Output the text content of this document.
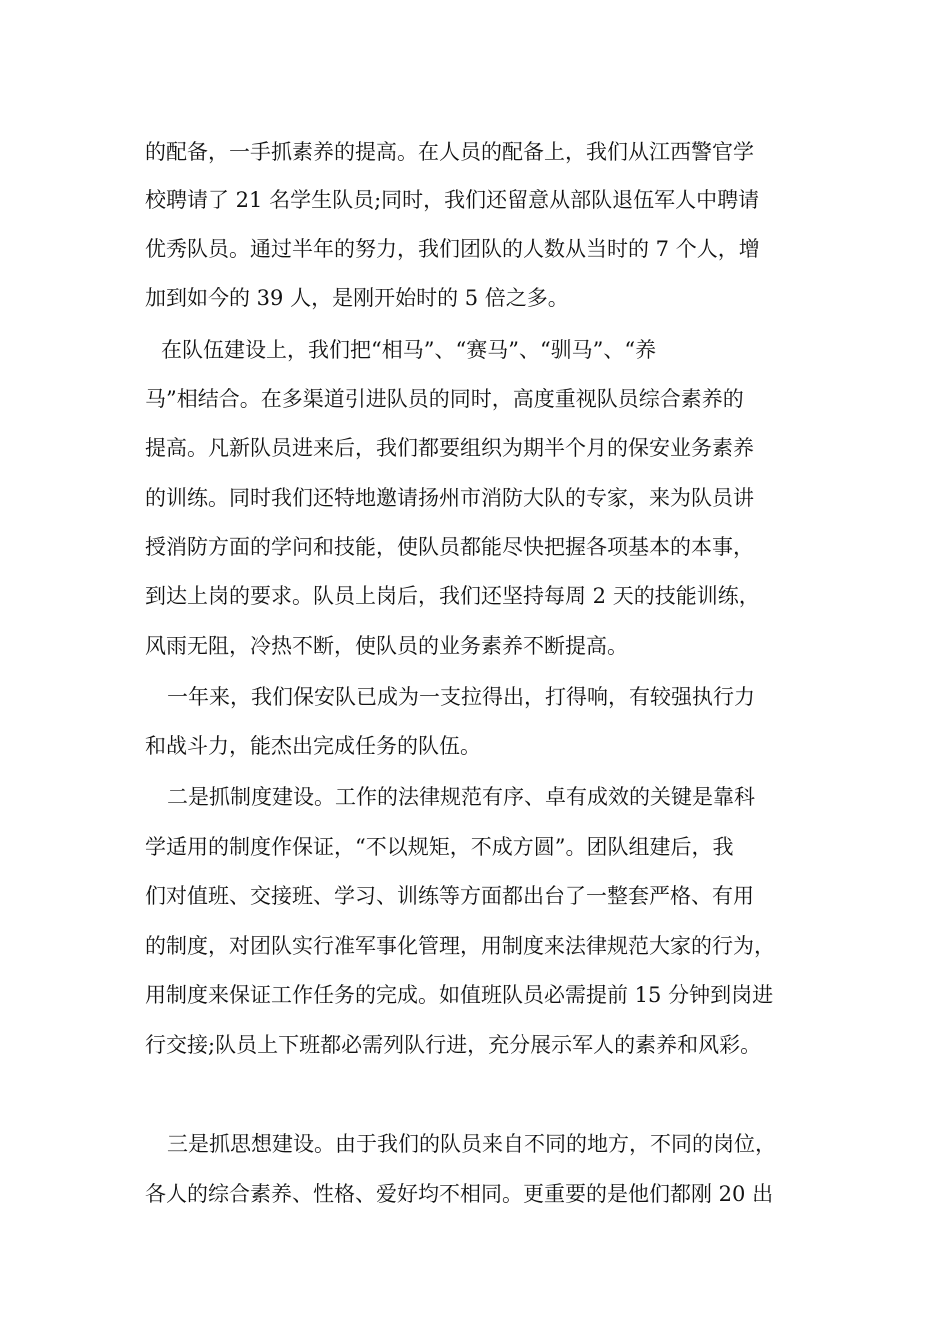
的配备，一手抓素养的提高。在人员的配备上，我们从江西警官学
校聘请了 21 名学生队员;同时，我们还留意从部队退伍军人中聘请
优秀队员。通过半年的努力，我们团队的人数从当时的 7 个人，增
加到如今的 39 人，是刚开始时的 5 倍之多。
在队伍建设上，我们把“相马”、“赛马”、“驯马”、“养
马”相结合。在多渠道引进队员的同时，高度重视队员综合素养的
提高。凡新队员进来后，我们都要组织为期半个月的保安业务素养
的训练。同时我们还特地邀请扬州市消防大队的专家，来为队员讲
授消防方面的学问和技能，使队员都能尽快把握各项基本的本事，
到达上岗的要求。队员上岗后，我们还坚持每周 2 天的技能训练，
风雨无阻，冷热不断，使队员的业务素养不断提高。
一年来，我们保安队已成为一支拉得出，打得响，有较强执行力
和战斗力，能杰出完成任务的队伍。
二是抓制度建设。工作的法律规范有序、卓有成效的关键是靠科
学适用的制度作保证，“不以规矩，不成方圆”。团队组建后，我
们对值班、交接班、学习、训练等方面都出台了一整套严格、有用
的制度，对团队实行准军事化管理，用制度来法律规范大家的行为，
用制度来保证工作任务的完成。如值班队员必需提前 15 分钟到岗进
行交接;队员上下班都必需列队行进，充分展示军人的素养和风彩。
三是抓思想建设。由于我们的队员来自不同的地方，不同的岗位，
各人的综合素养、性格、爱好均不相同。更重要的是他们都刚 20 出
